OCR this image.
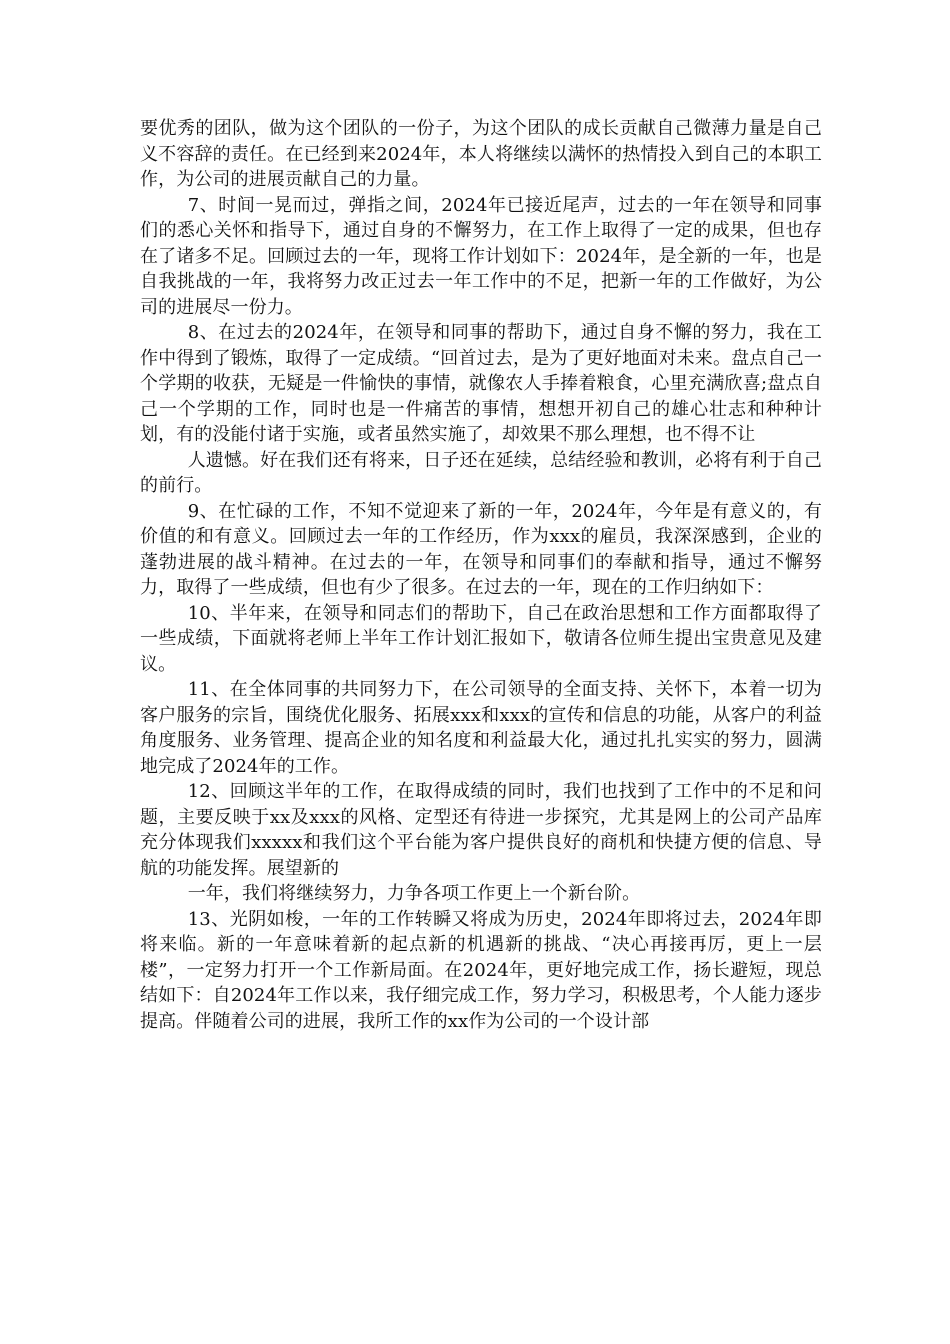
要优秀的团队，做为这个团队的一份子，为这个团队的成长贡献自己微薄力量是自己义不容辞的责任。在已经到来2024年，本人将继续以满怀的热情投入到自己的本职工作，为公司的进展贡献自己的力量。

7、时间一晃而过，弹指之间，2024年已接近尾声，过去的一年在领导和同事们的悉心关怀和指导下，通过自身的不懈努力，在工作上取得了一定的成果，但也存在了诸多不足。回顾过去的一年，现将工作计划如下：2024年，是全新的一年，也是自我挑战的一年，我将努力改正过去一年工作中的不足，把新一年的工作做好，为公司的进展尽一份力。

8、在过去的2024年，在领导和同事的帮助下，通过自身不懈的努力，我在工作中得到了锻炼，取得了一定成绩。“回首过去，是为了更好地面对未来。盘点自己一个学期的收获，无疑是一件愉快的事情，就像农人手捧着粮食，心里充满欣喜;盘点自己一个学期的工作，同时也是一件痛苦的事情，想想开初自己的雄心壮志和种种计划，有的没能付诸于实施，或者虽然实施了，却效果不那么理想，也不得不让

人遗憾。好在我们还有将来，日子还在延续，总结经验和教训，必将有利于自己的前行。

9、在忙碌的工作，不知不觉迎来了新的一年，2024年，今年是有意义的，有价值的和有意义。回顾过去一年的工作经历，作为xxx的雇员，我深深感到，企业的蓬勃进展的战斗精神。在过去的一年，在领导和同事们的奉献和指导，通过不懈努力，取得了一些成绩，但也有少了很多。在过去的一年，现在的工作归纳如下：

10、半年来，在领导和同志们的帮助下，自己在政治思想和工作方面都取得了一些成绩，下面就将老师上半年工作计划汇报如下，敬请各位师生提出宝贵意见及建议。

11、在全体同事的共同努力下，在公司领导的全面支持、关怀下，本着一切为客户服务的宗旨，围绕优化服务、拓展xxx和xxx的宣传和信息的功能，从客户的利益角度服务、业务管理、提高企业的知名度和利益最大化，通过扎扎实实的努力，圆满地完成了2024年的工作。

12、回顾这半年的工作，在取得成绩的同时，我们也找到了工作中的不足和问题，主要反映于xx及xxx的风格、定型还有待进一步探究，尤其是网上的公司产品库充分体现我们xxxxx和我们这个平台能为客户提供良好的商机和快捷方便的信息、导航的功能发挥。展望新的

一年，我们将继续努力，力争各项工作更上一个新台阶。

13、光阴如梭，一年的工作转瞬又将成为历史，2024年即将过去，2024年即将来临。新的一年意味着新的起点新的机遇新的挑战、“决心再接再厉，更上一层楼”，一定努力打开一个工作新局面。在2024年，更好地完成工作，扬长避短，现总结如下：自2024年工作以来，我仔细完成工作，努力学习，积极思考，个人能力逐步提高。伴随着公司的进展，我所工作的xx作为公司的一个设计部
